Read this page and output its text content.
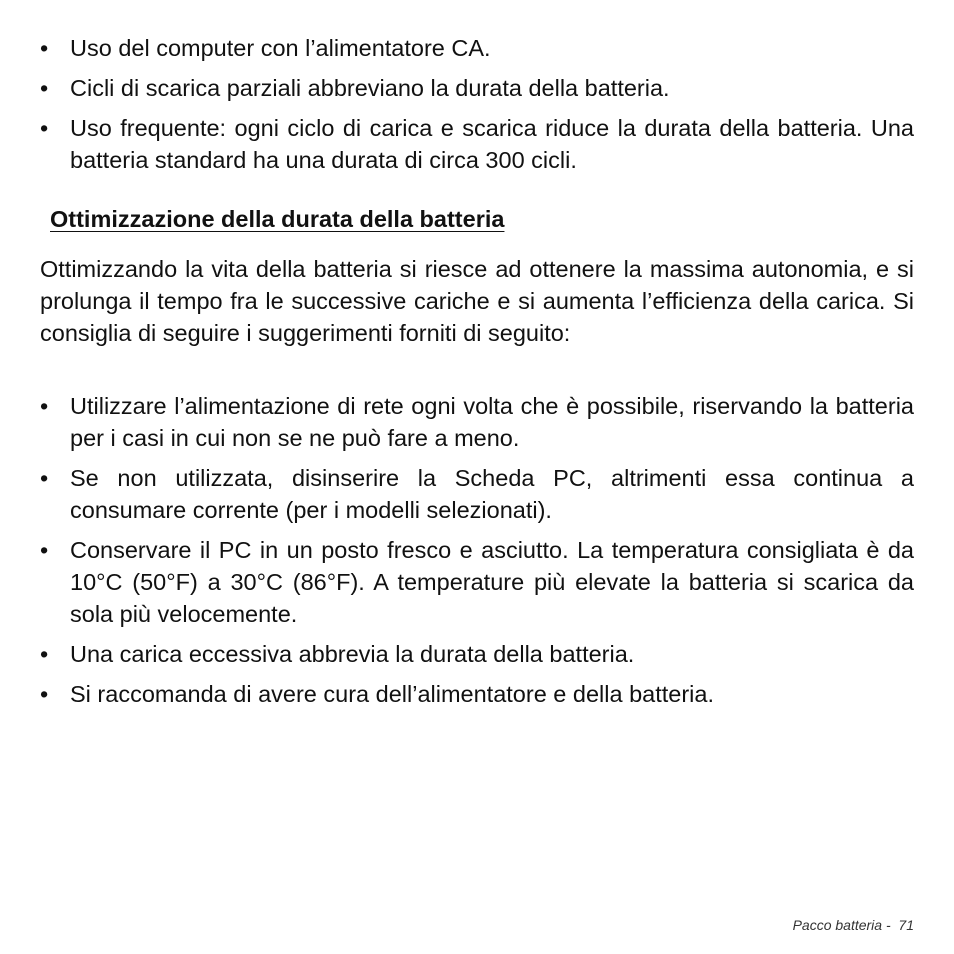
• Uso del computer con l’alimentatore CA.
• Cicli di scarica parziali abbreviano la durata della batteria.
• Uso frequente: ogni ciclo di carica e scarica riduce la durata della batteria. Una batteria standard ha una durata di circa 300 cicli.
Ottimizzazione della durata della batteria

Ottimizzando la vita della batteria si riesce ad ottenere la massima autonomia, e si prolunga il tempo fra le successive cariche e si aumenta l’efficienza della carica. Si consiglia di seguire i suggerimenti forniti di seguito:

• Utilizzare l’alimentazione di rete ogni volta che è possibile, riservando la batteria per i casi in cui non se ne può fare a meno.
• Se non utilizzata, disinserire la Scheda PC, altrimenti essa continua a consumare corrente (per i modelli selezionati).
• Conservare il PC in un posto fresco e asciutto. La temperatura consigliata è da 10°C (50°F) a 30°C (86°F). A temperature più elevate la batteria si scarica da sola più velocemente.
• Una carica eccessiva abbrevia la durata della batteria.
• Si raccomanda di avere cura dell’alimentatore e della batteria.
Pacco batteria - 71
